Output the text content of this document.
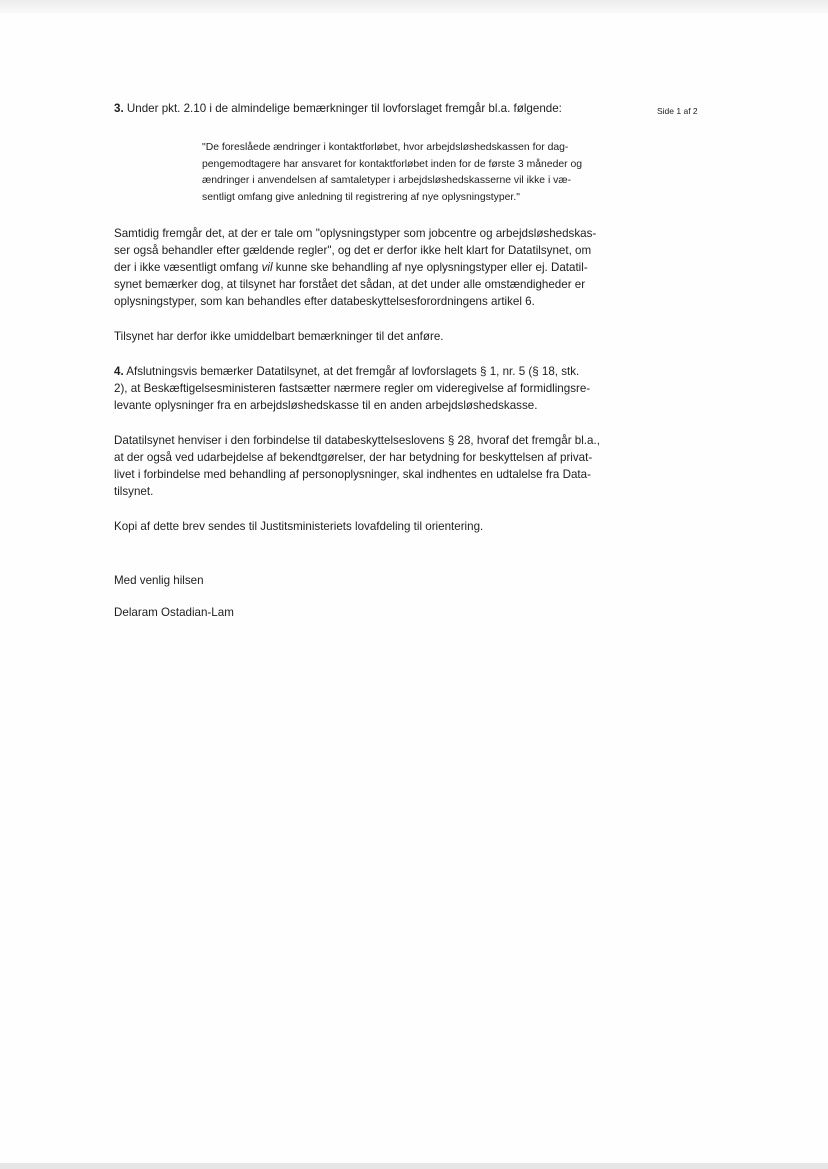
Side 1 af 2

3. Under pkt. 2.10 i de almindelige bemærkninger til lovforslaget fremgår bl.a. følgende:

"De foreslåede ændringer i kontaktforløbet, hvor arbejdsløshedskassen for dag-
pengemodtagere har ansvaret for kontaktforløbet inden for de første 3 måneder og
ændringer i anvendelsen af samtaletyper i arbejdsløshedskasserne vil ikke i væ-
sentligt omfang give anledning til registrering af nye oplysningstyper."
Samtidig fremgår det, at der er tale om "oplysningstyper som jobcentre og arbejdsløshedskas-
ser også behandler efter gældende regler", og det er derfor ikke helt klart for Datatilsynet, om
der i ikke væsentligt omfang vil kunne ske behandling af nye oplysningstyper eller ej. Datatil-
synet bemærker dog, at tilsynet har forstået det sådan, at det under alle omstændigheder er
oplysningstyper, som kan behandles efter databeskyttelsesforordningens artikel 6.

Tilsynet har derfor ikke umiddelbart bemærkninger til det anføre.

4. Afslutningsvis bemærker Datatilsynet, at det fremgår af lovforslagets § 1, nr. 5 (§ 18, stk.
2), at Beskæftigelsesministeren fastsætter nærmere regler om videregivelse af formidlingsre-
levante oplysninger fra en arbejdsløshedskasse til en anden arbejdsløshedskasse.
Datatilsynet henviser i den forbindelse til databeskyttelseslovens § 28, hvoraf det fremgår bl.a.,
at der også ved udarbejdelse af bekendtgørelser, der har betydning for beskyttelsen af privat-
livet i forbindelse med behandling af personoplysninger, skal indhentes en udtalelse fra Data-
tilsynet.

Kopi af dette brev sendes til Justitsministeriets lovafdeling til orientering.

Med venlig hilsen

Delaram Ostadian-Lam
